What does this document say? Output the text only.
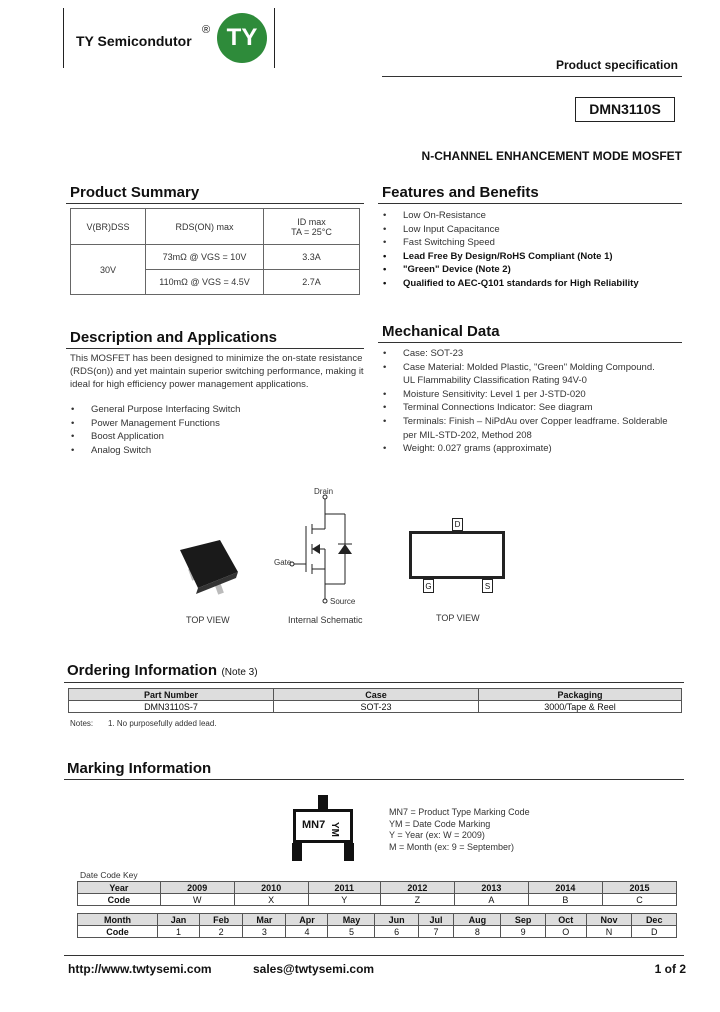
TY Semicondutor
® TY
Product specification
DMN3110S
N-CHANNEL ENHANCEMENT MODE MOSFET
Product Summary
V(BR)DSS	RDS(ON) max	ID max
TA = 25°C

30V	73mΩ @ VGS = 10V	3.3A
	110mΩ @ VGS = 4.5V	2.7A
Features and Benefits
• Low On-Resistance
• Low Input Capacitance
• Fast Switching Speed
• Lead Free By Design/RoHS Compliant (Note 1)
• "Green" Device (Note 2)
• Qualified to AEC-Q101 standards for High Reliability
Description and Applications
This MOSFET has been designed to minimize the on-state resistance
(RDS(on)) and yet maintain superior switching performance, making it
ideal for high efficiency power management applications.
• General Purpose Interfacing Switch
• Power Management Functions
• Boost Application
• Analog Switch
Mechanical Data
• Case: SOT-23
• Case Material: Molded Plastic, "Green" Molding Compound.
UL Flammability Classification Rating 94V-0
• Moisture Sensitivity: Level 1 per J-STD-020
• Terminal Connections Indicator: See diagram
• Terminals: Finish – NiPdAu over Copper leadframe. Solderable
per MIL-STD-202, Method 208
• Weight: 0.027 grams (approximate)
TOP VIEW
Drain
Gate
Source
Internal Schematic
D
G	S
TOP VIEW
Ordering Information (Note 3)
Part Number	Case	Packaging
DMN3110S-7	SOT-23	3000/Tape & Reel
Notes: 1. No purposefully added lead.
Marking Information
MN7 YM
MN7 = Product Type Marking Code
YM = Date Code Marking
Y = Year (ex: W = 2009)
M = Month (ex: 9 = September)
Date Code Key
Year	2009	2010	2011	2012	2013	2014	2015
Code	W	X	Y	Z	A	B	C
Month	Jan	Feb	Mar	Apr	May	Jun	Jul	Aug	Sep	Oct	Nov	Dec
Code	1	2	3	4	5	6	7	8	9	O	N	D
http://www.twtysemi.com	sales@twtysemi.com	1 of 2
